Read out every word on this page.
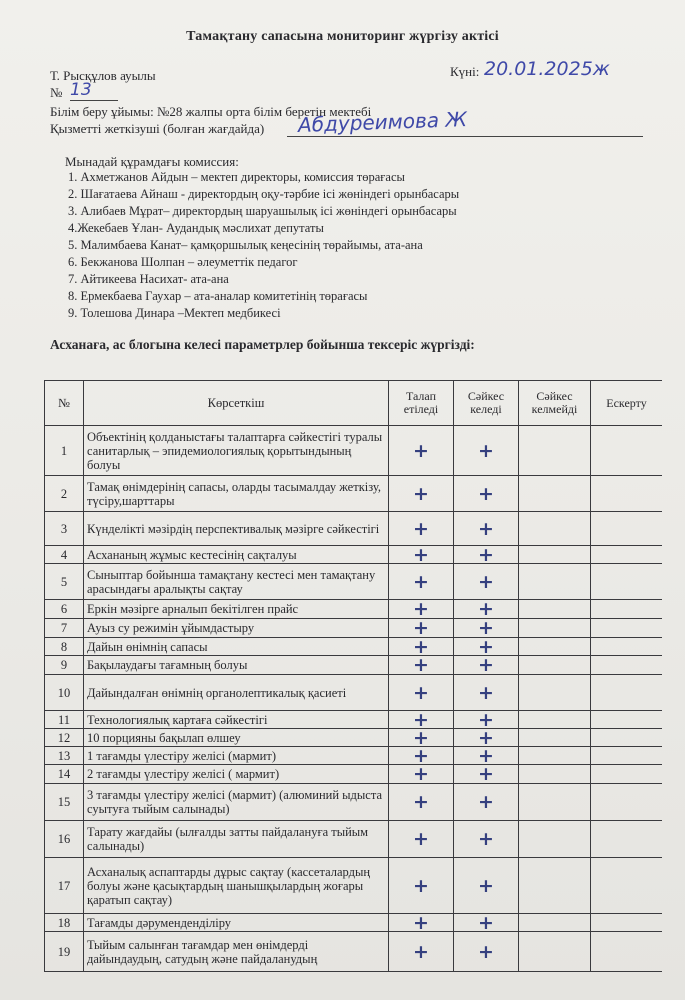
Тамақтану сапасына мониторинг жүргізу актісі
Т. Рысқұлов ауылы	Күні: 20.01.2025ж
№ 13
Білім беру ұйымы: №28 жалпы орта білім беретін мектебі
Қызметті жеткізуші (болған жағдайда) Абдуреимова Ж
Мынадай құрамдағы комиссия:
1. Ахметжанов Айдын – мектеп директоры, комиссия төрағасы
2. Шағатаева Айнаш - директордың оқу-тәрбие ісі жөніндегі орынбасары
3. Алибаев Мұрат– директордың шаруашылық ісі жөніндегі орынбасары
4.Жекебаев Ұлан- Аудандық мәслихат депутаты
5. Малимбаева Канат– қамқоршылық кеңесінің төрайымы, ата-ана
6. Бекжанова Шолпан – әлеуметтік педагог
7. Айтикеева Насихат- ата-ана
8. Ермекбаева Гаухар – ата-аналар комитетінің төрағасы
9. Толешова Динара –Мектеп медбикесі
Асханаға, ас блогына келесі параметрлер бойынша тексеріс жүргізді:
№	Көрсеткіш	Талап етіледі	Сәйкес келеді	Сәйкес келмейді	Ескерту
1	Объектінің қолданыстағы талаптарға сәйкестігі туралы санитарлық – эпидемиологиялық қорытындының болуы	+	+		
2	Тамақ өнімдерінің сапасы, оларды тасымалдау жеткізу, түсіру,шарттары	+	+		
3	Күнделікті мәзірдің перспективалық мәзірге сәйкестігі	+	+		
4	Асхананың жұмыс кестесінің сақталуы	+	+		
5	Сыныптар бойынша тамақтану кестесі мен тамақтану арасындағы аралықты сақтау	+	+		
6	Еркін мәзірге арналып бекітілген прайс	+	+		
7	Ауыз су режимін ұйымдастыру	+	+		
8	Дайын өнімнің сапасы	+	+		
9	Бақылаудағы тағамның болуы	+	+		
10	Дайындалған өнімнің органолептикалық қасиеті	+	+		
11	Технологиялық картаға сәйкестігі	+	+		
12	10 порцияны бақылап өлшеу	+	+		
13	1 тағамды үлестіру желісі (мармит)	+	+		
14	2 тағамды үлестіру желісі ( мармит)	+	+		
15	3 тағамды үлестіру желісі (мармит) (алюминий ыдыста суытуға тыйым салынады)	+	+		
16	Тарату жағдайы (ылғалды затты пайдалануға тыйым салынады)	+	+		
17	Асханалық аспаптарды дұрыс сақтау (кассеталардың болуы және қасықтардың шанышқылардың жоғары қаратып сақтау)	+	+		
18	Тағамды дәруменденділіру	+	+		
19	Тыйым салынған тағамдар мен өнімдерді дайындаудың, сатудың және пайдаланудың	+	+		
